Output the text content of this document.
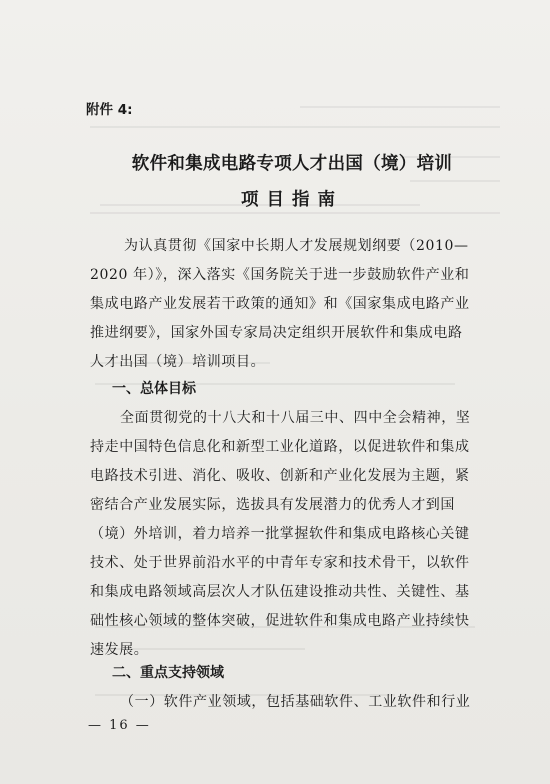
附件 4:
软件和集成电路专项人才出国（境）培训
项目指南
为认真贯彻《国家中长期人才发展规划纲要（2010—
2020 年）》，深入落实《国务院关于进一步鼓励软件产业和
集成电路产业发展若干政策的通知》和《国家集成电路产业
推进纲要》，国家外国专家局决定组织开展软件和集成电路
人才出国（境）培训项目。
一、总体目标
全面贯彻党的十八大和十八届三中、四中全会精神，坚
持走中国特色信息化和新型工业化道路，以促进软件和集成
电路技术引进、消化、吸收、创新和产业化发展为主题，紧
密结合产业发展实际，选拔具有发展潜力的优秀人才到国
（境）外培训，着力培养一批掌握软件和集成电路核心关键
技术、处于世界前沿水平的中青年专家和技术骨干，以软件
和集成电路领域高层次人才队伍建设推动共性、关键性、基
础性核心领域的整体突破，促进软件和集成电路产业持续快
速发展。
二、重点支持领域
（一）软件产业领域，包括基础软件、工业软件和行业
— 16 —
